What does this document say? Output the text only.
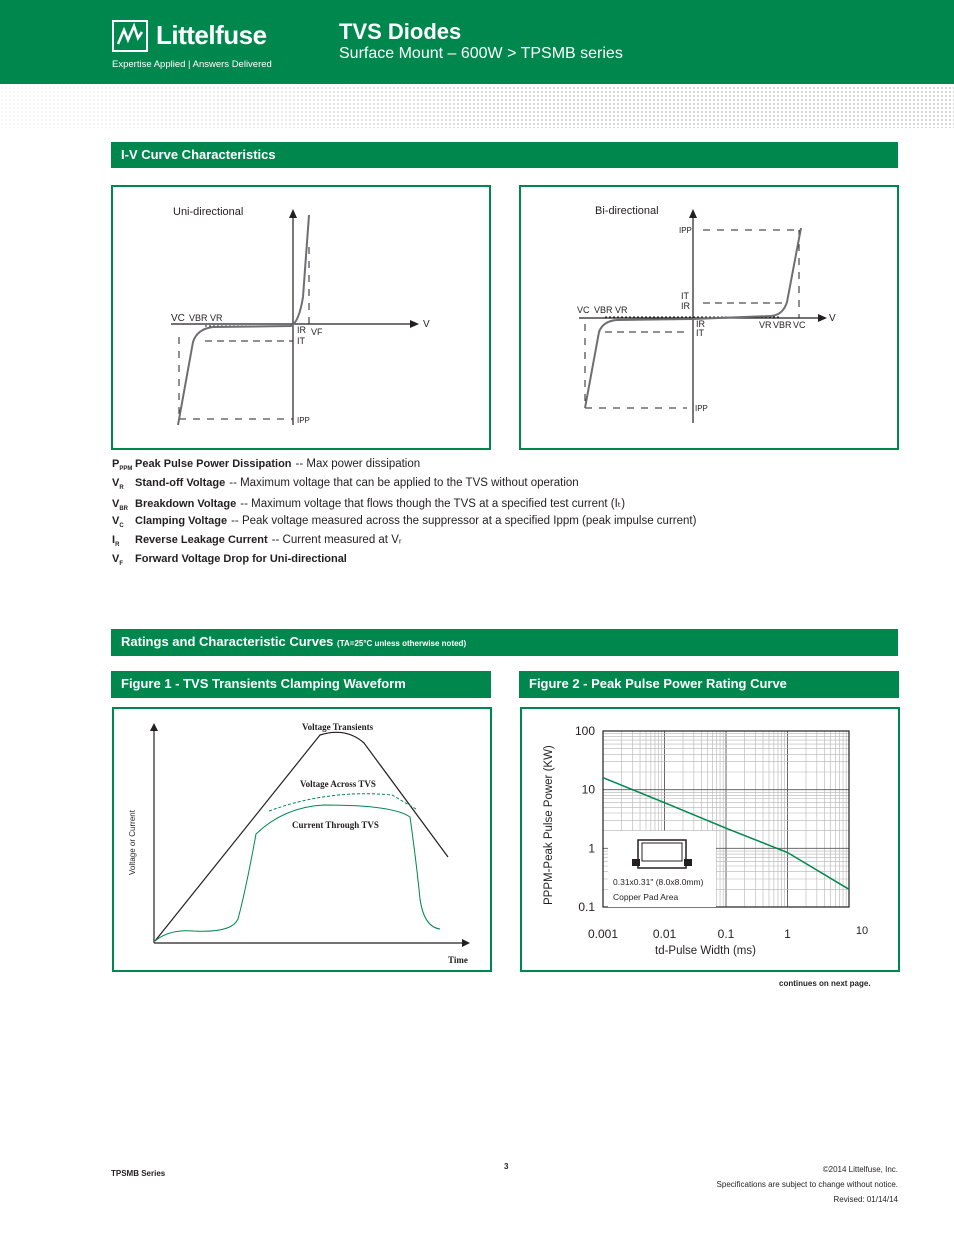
Littelfuse
Expertise Applied | Answers Delivered
TVS Diodes
Surface Mount – 600W > TPSMB series
I-V Curve Characteristics
Uni-directional
VC VBR VR
IR
IT
VF
V
IPP
Bi-directional
IPP
IT
IR
VC VBR VR
IR
IT
VR VBR VC
V
IPP
$P_{PPM}$ Peak Pulse Power Dissipation -- Max power dissipation
$V_R$	Stand-off Voltage -- Maximum voltage that can be applied to the TVS without operation
$V_{BR}$ Breakdown Voltage -- Maximum voltage that flows though the TVS at a specified test current (Iₜ)
$V_C$	Clamping Voltage -- Peak voltage measured across the suppressor at a specified Ippm (peak impulse current)
$I_R$	Reverse Leakage Current -- Current measured at Vᵣ
$V_F$	Forward Voltage Drop for Uni-directional
Ratings and Characteristic Curves (TA=25°C unless otherwise noted)
Figure 1 - TVS Transients Clamping Waveform	Figure 2 - Peak Pulse Power Rating Curve
Voltage Transients
Voltage Across TVS
Current Through TVS
Voltage or Current
Time
0.001	0.01	0.1	1	10
100
10
1
0.1
0.31x0.31" (8.0x8.0mm)
Copper Pad Area
PPPM-Peak Pulse Power (KW)
td-Pulse Width (ms)
continues on next page.
TPSMB Series
3	©2014 Littelfuse, Inc.
Specifications are subject to change without notice.
Revised: 01/14/14
